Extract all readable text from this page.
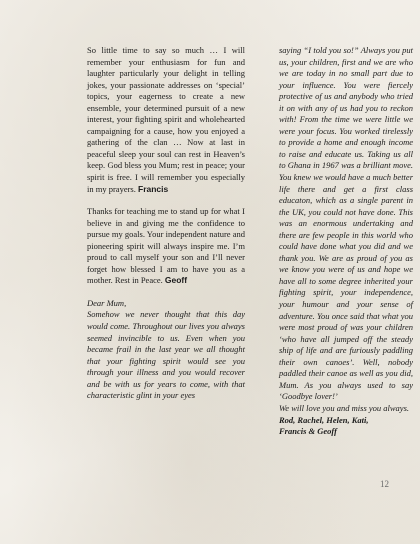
So little time to say so much … I will remember your enthusiasm for fun and laughter particularly your delight in telling jokes, your passionate addresses on ‘special’ topics, your eagerness to create a new ensemble, your determined pursuit of a new interest, your fighting spirit and wholehearted campaigning for a cause, how you enjoyed a gathering of the clan … Now at last in peaceful sleep your soul can rest in Heaven’s keep. God bless you Mum; rest in peace; your spirit is free. I will remember you especially in my prayers. Francis

Thanks for teaching me to stand up for what I believe in and giving me the confidence to pursue my goals. Your independent nature and pioneering spirit will always inspire me. I’m proud to call myself your son and I’ll never forget how blessed I am to have you as a mother. Rest in Peace. Geoff

Dear Mum,

Somehow we never thought that this day would come. Throughout our lives you always seemed invincible to us. Even when you became frail in the last year we all thought that your fighting spirit would see you through your illness and you would recover and be with us for years to come, with that characteristic glint in your eyes

saying “I told you so!” Always you put us, your children, first and we are who we are today in no small part due to your influence. You were fiercely protective of us and anybody who tried it on with any of us had you to reckon with! From the time we were little we were your focus. You worked tirelessly to provide a home and enough income to raise and educate us. Taking us all to Ghana in 1967 was a brilliant move. You knew we would have a much better life there and get a first class educaton, which as a single parent in the UK, you could not have done. This was an enormous undertaking and there are few people in this world who could have done what you did and we thank you. We are as proud of you as we know you were of us and hope we have all to some degree inherited your fighting spirit, your independence, your humour and your sense of adventure. You once said that what you were most proud of was your children ‘who have all jumped off the steady ship of life and are furiously paddling their own canoes’. Well, nobody paddled their canoe as well as you did, Mum. As you always used to say ‘Goodbye lover!’

We will love you and miss you always.

Rod, Rachel, Helen, Kati,

Francis & Geoff

12
